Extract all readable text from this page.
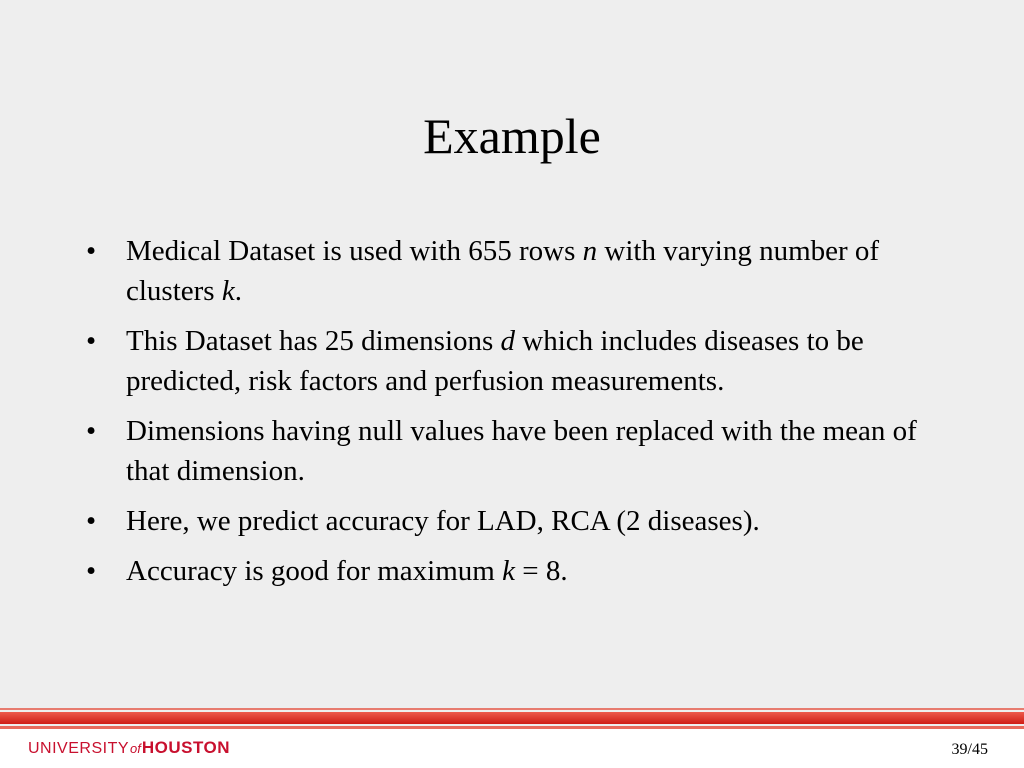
Example
•	Medical Dataset is used with 655 rows n with varying number of clusters k.
•	This Dataset has 25 dimensions d which includes diseases to be predicted, risk factors and perfusion measurements.
•	Dimensions having null values have been replaced with the mean of that dimension.
•	Here, we predict accuracy for LAD, RCA (2 diseases).
•	Accuracy is good for maximum k = 8.
UNIVERSITY of HOUSTON	39/45
